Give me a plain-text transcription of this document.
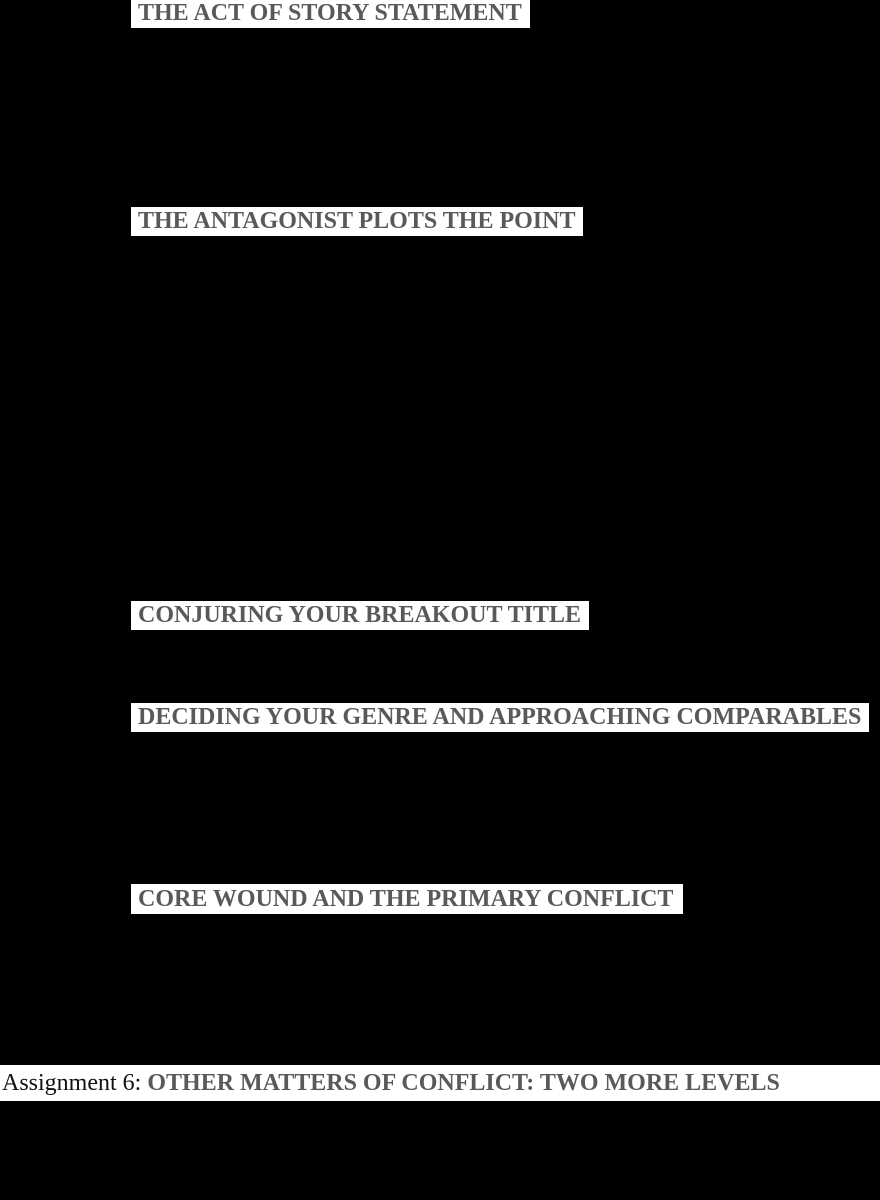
THE ACT OF STORY STATEMENT
THE ANTAGONIST PLOTS THE POINT
CONJURING YOUR BREAKOUT TITLE
DECIDING YOUR GENRE AND APPROACHING COMPARABLES
CORE WOUND AND THE PRIMARY CONFLICT
Assignment 6: OTHER MATTERS OF CONFLICT: TWO MORE LEVELS
